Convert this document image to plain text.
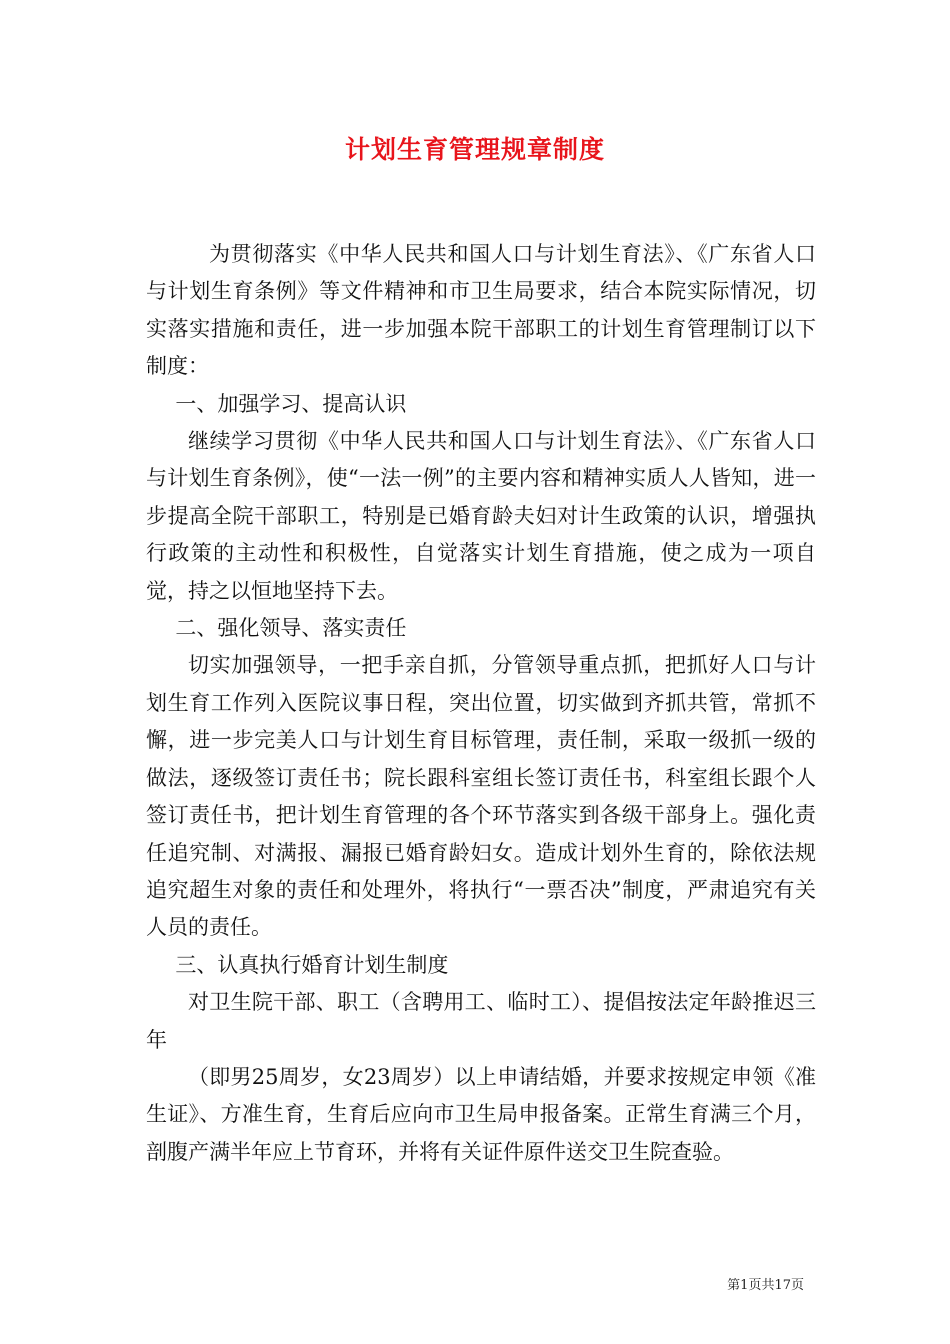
计划生育管理规章制度

为贯彻落实《中华人民共和国人口与计划生育法》、《广东省人口与计划生育条例》等文件精神和市卫生局要求，结合本院实际情况，切实落实措施和责任，进一步加强本院干部职工的计划生育管理制订以下制度：

一、加强学习、提高认识

继续学习贯彻《中华人民共和国人口与计划生育法》、《广东省人口与计划生育条例》，使“一法一例”的主要内容和精神实质人人皆知，进一步提高全院干部职工，特别是已婚育龄夫妇对计生政策的认识，增强执行政策的主动性和积极性，自觉落实计划生育措施，使之成为一项自觉，持之以恒地坚持下去。

二、强化领导、落实责任

切实加强领导，一把手亲自抓，分管领导重点抓，把抓好人口与计划生育工作列入医院议事日程，突出位置，切实做到齐抓共管，常抓不懈，进一步完美人口与计划生育目标管理，责任制，采取一级抓一级的做法，逐级签订责任书；院长跟科室组长签订责任书，科室组长跟个人签订责任书，把计划生育管理的各个环节落实到各级干部身上。强化责任追究制、对满报、漏报已婚育龄妇女。造成计划外生育的，除依法规追究超生对象的责任和处理外，将执行“一票否决”制度，严肃追究有关人员的责任。

三、认真执行婚育计划生制度

对卫生院干部、职工（含聘用工、临时工）、提倡按法定年龄推迟三年

（即男25周岁，女23周岁）以上申请结婚，并要求按规定申领《准生证》、方准生育，生育后应向市卫生局申报备案。正常生育满三个月，剖腹产满半年应上节育环，并将有关证件原件送交卫生院查验。

第1页共17页
